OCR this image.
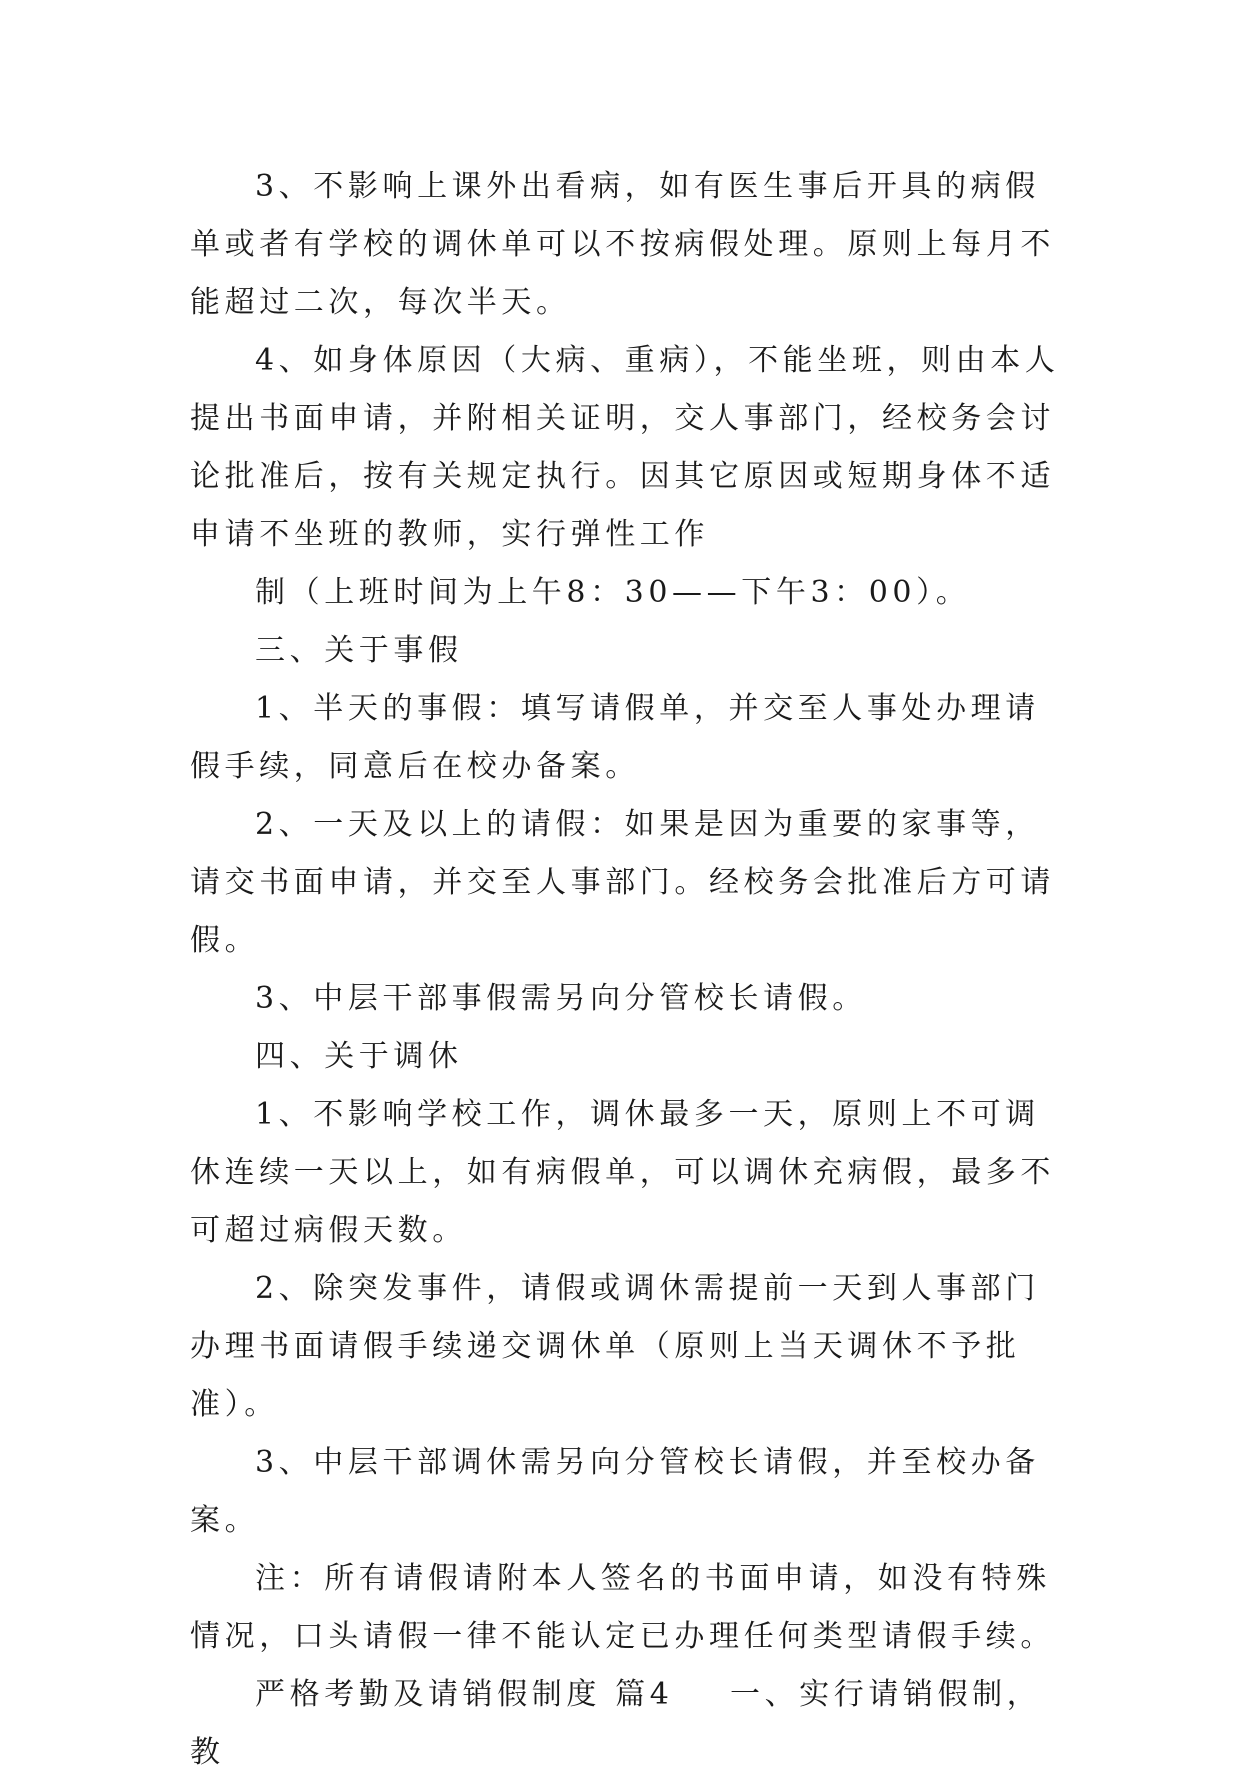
3、不影响上课外出看病，如有医生事后开具的病假单或者有学校的调休单可以不按病假处理。原则上每月不能超过二次，每次半天。

4、如身体原因（大病、重病），不能坐班，则由本人提出书面申请，并附相关证明，交人事部门，经校务会讨论批准后，按有关规定执行。因其它原因或短期身体不适申请不坐班的教师，实行弹性工作

制（上班时间为上午8：30——下午3：00）。

三、关于事假

1、半天的事假：填写请假单，并交至人事处办理请假手续，同意后在校办备案。

2、一天及以上的请假：如果是因为重要的家事等，请交书面申请，并交至人事部门。经校务会批准后方可请假。

3、中层干部事假需另向分管校长请假。

四、关于调休

1、不影响学校工作，调休最多一天，原则上不可调休连续一天以上，如有病假单，可以调休充病假，最多不可超过病假天数。

2、除突发事件，请假或调休需提前一天到人事部门办理书面请假手续递交调休单（原则上当天调休不予批准）。

3、中层干部调休需另向分管校长请假，并至校办备案。

注：所有请假请附本人签名的书面申请，如没有特殊情况，口头请假一律不能认定已办理任何类型请假手续。

严格考勤及请销假制度 篇4    一、实行请销假制，教
